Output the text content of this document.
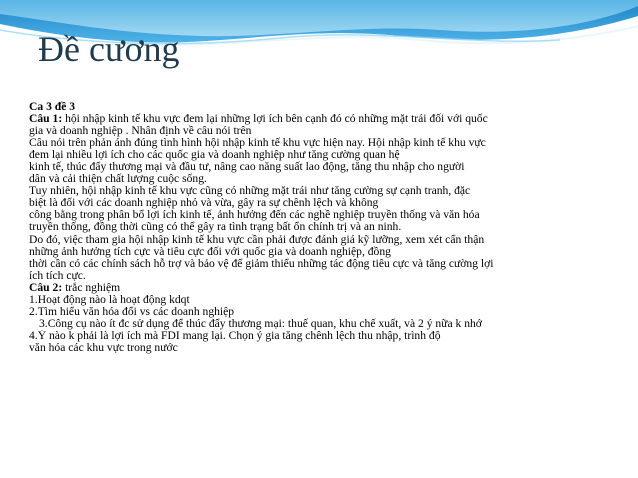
Đề cương
Ca 3 đề 3
Câu 1: hội nhập kinh tế khu vực đem lại những lợi ích bên cạnh đó có những mặt trái đối với quốc
gia và doanh nghiệp . Nhân định về câu nói trên
Câu nói trên phản ánh đúng tình hình hội nhập kinh tế khu vực hiện nay. Hội nhập kinh tế khu vực
đem lại nhiều lợi ích cho các quốc gia và doanh nghiệp như tăng cường quan hệ
kinh tế, thúc đẩy thương mại và đầu tư, nâng cao năng suất lao động, tăng thu nhập cho người
dân và cải thiện chất lượng cuộc sống.
Tuy nhiên, hội nhập kinh tế khu vực cũng có những mặt trái như tăng cường sự cạnh tranh, đặc
biệt là đối với các doanh nghiệp nhỏ và vừa, gây ra sự chênh lệch và không
công bằng trong phân bổ lợi ích kinh tế, ảnh hưởng đến các nghề nghiệp truyền thống và văn hóa
truyền thống, đồng thời cũng có thể gây ra tình trạng bất ổn chính trị và an ninh.
Do đó, việc tham gia hội nhập kinh tế khu vực cần phải được đánh giá kỹ lưỡng, xem xét cẩn thận
những ảnh hưởng tích cực và tiêu cực đối với quốc gia và doanh nghiệp, đồng
thời cần có các chính sách hỗ trợ và bảo vệ để giảm thiểu những tác động tiêu cực và tăng cường lợi
ích tích cực.
Câu 2: trắc nghiệm
1.Hoạt động nào là hoạt động kdqt
2.Tìm hiểu văn hóa đổi vs các doanh nghiệp
3.Công cụ nào ít đc sử dụng để thúc đẩy thương mại: thuế quan, khu chế xuất, và 2 ý nữa k nhớ
4.Ý nào k phải là lợi ích mà FDI mang lại. Chọn ý gia tăng chênh lệch thu nhập, trình độ
văn hóa các khu vực trong nước
